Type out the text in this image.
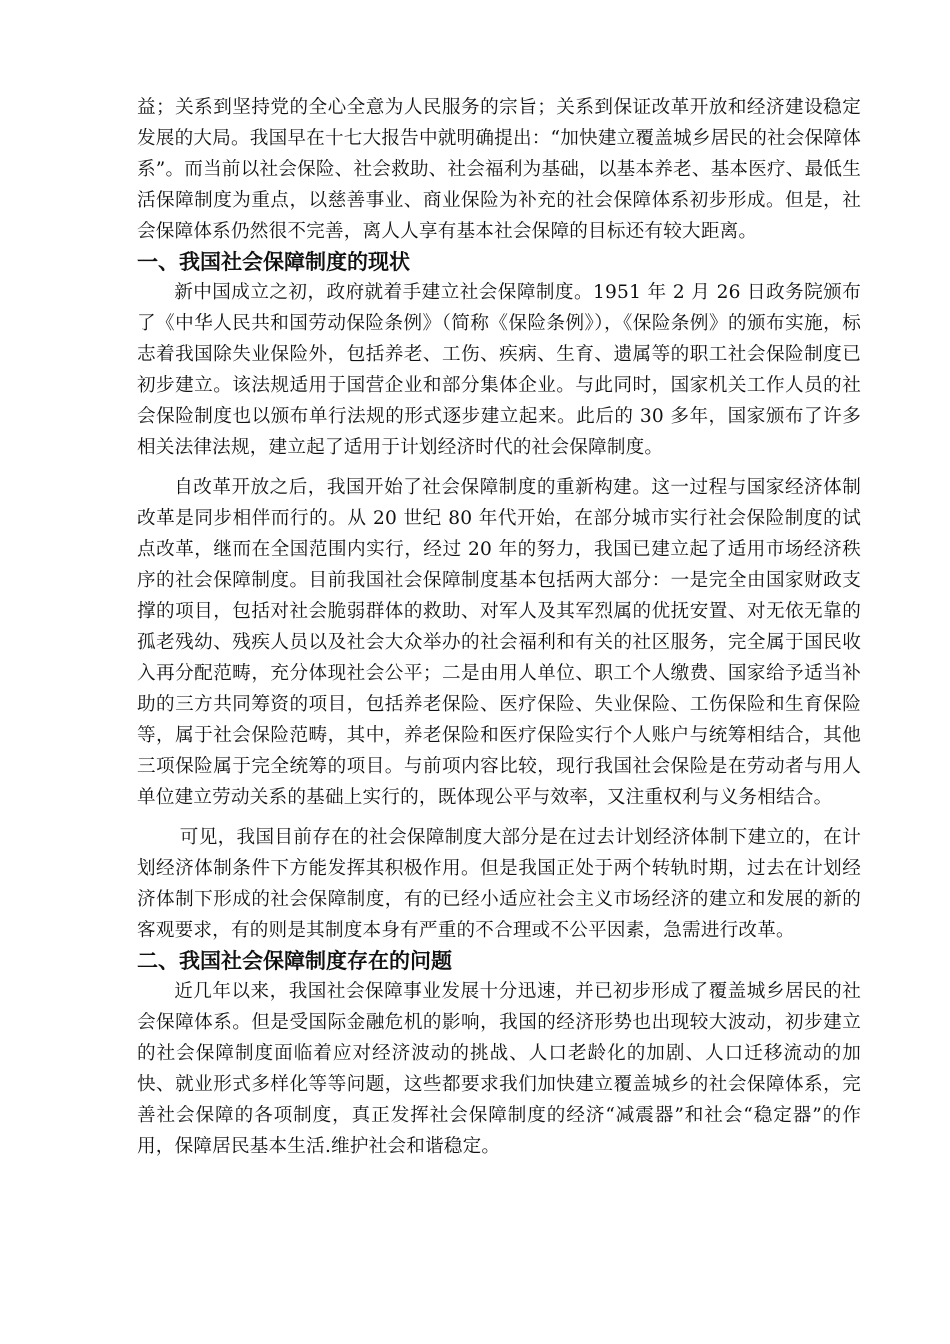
益；关系到坚持党的全心全意为人民服务的宗旨；关系到保证改革开放和经济建设稳定发展的大局。我国早在十七大报告中就明确提出：“加快建立覆盖城乡居民的社会保障体系”。而当前以社会保险、社会救助、社会福利为基础，以基本养老、基本医疗、最低生活保障制度为重点，以慈善事业、商业保险为补充的社会保障体系初步形成。但是，社会保障体系仍然很不完善，离人人享有基本社会保障的目标还有较大距离。

一、我国社会保障制度的现状

新中国成立之初，政府就着手建立社会保障制度。1951 年 2 月 26 日政务院颁布了《中华人民共和国劳动保险条例》（简称《保险条例》），《保险条例》的颁布实施，标志着我国除失业保险外，包括养老、工伤、疾病、生育、遗属等的职工社会保险制度已初步建立。该法规适用于国营企业和部分集体企业。与此同时，国家机关工作人员的社会保险制度也以颁布单行法规的形式逐步建立起来。此后的 30 多年，国家颁布了许多相关法律法规，建立起了适用于计划经济时代的社会保障制度。

自改革开放之后，我国开始了社会保障制度的重新构建。这一过程与国家经济体制改革是同步相伴而行的。从 20 世纪 80 年代开始，在部分城市实行社会保险制度的试点改革，继而在全国范围内实行，经过 20 年的努力，我国已建立起了适用市场经济秩序的社会保障制度。目前我国社会保障制度基本包括两大部分：一是完全由国家财政支撑的项目，包括对社会脆弱群体的救助、对军人及其军烈属的优抚安置、对无依无靠的孤老残幼、残疾人员以及社会大众举办的社会福利和有关的社区服务，完全属于国民收入再分配范畴，充分体现社会公平；二是由用人单位、职工个人缴费、国家给予适当补助的三方共同筹资的项目，包括养老保险、医疗保险、失业保险、工伤保险和生育保险等，属于社会保险范畴，其中，养老保险和医疗保险实行个人账户与统筹相结合，其他三项保险属于完全统筹的项目。与前项内容比较，现行我国社会保险是在劳动者与用人单位建立劳动关系的基础上实行的，既体现公平与效率，又注重权利与义务相结合。

可见，我国目前存在的社会保障制度大部分是在过去计划经济体制下建立的，在计划经济体制条件下方能发挥其积极作用。但是我国正处于两个转轨时期，过去在计划经济体制下形成的社会保障制度，有的已经小适应社会主义市场经济的建立和发展的新的客观要求，有的则是其制度本身有严重的不合理或不公平因素，急需进行改革。

二、我国社会保障制度存在的问题

近几年以来，我国社会保障事业发展十分迅速，并已初步形成了覆盖城乡居民的社会保障体系。但是受国际金融危机的影响，我国的经济形势也出现较大波动，初步建立的社会保障制度面临着应对经济波动的挑战、人口老龄化的加剧、人口迁移流动的加快、就业形式多样化等等问题，这些都要求我们加快建立覆盖城乡的社会保障体系，完善社会保障的各项制度，真正发挥社会保障制度的经济“减震器”和社会“稳定器”的作用，保障居民基本生活.维护社会和谐稳定。
